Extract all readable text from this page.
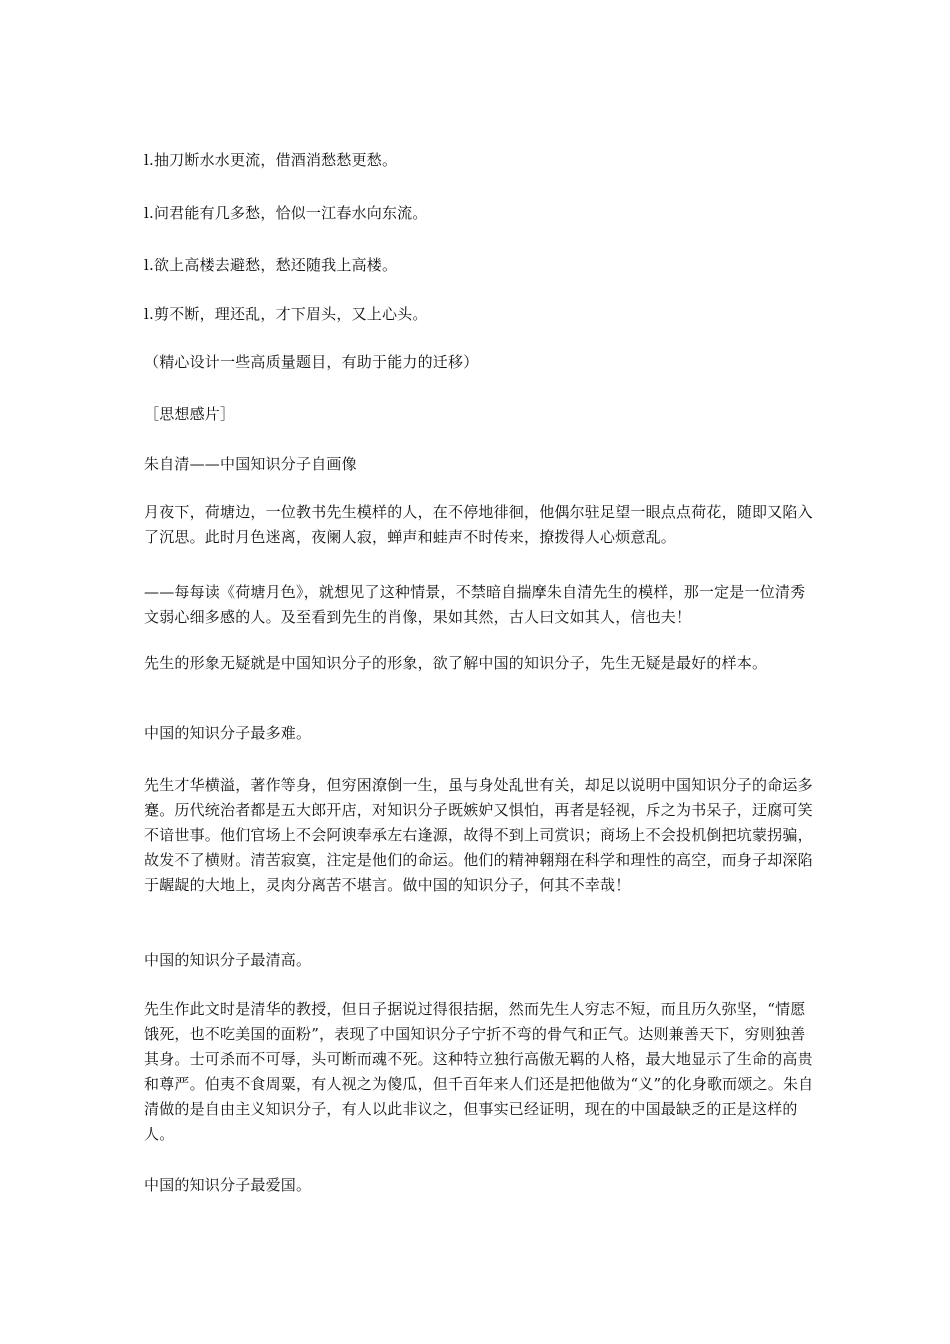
l.抽刀断水水更流，借酒消愁愁更愁。

l.问君能有几多愁，恰似一江春水向东流。

l.欲上高楼去避愁，愁还随我上高楼。

l.剪不断，理还乱，才下眉头，又上心头。

（精心设计一些高质量题目，有助于能力的迁移）

［思想感片］

朱自清——中国知识分子自画像

月夜下，荷塘边，一位教书先生模样的人，在不停地徘徊，他偶尔驻足望一眼点点荷花，随即又陷入了沉思。此时月色迷离，夜阑人寂，蝉声和蛙声不时传来，撩拨得人心烦意乱。

——每每读《荷塘月色》，就想见了这种情景，不禁暗自揣摩朱自清先生的模样，那一定是一位清秀文弱心细多感的人。及至看到先生的肖像，果如其然，古人曰文如其人，信也夫！

先生的形象无疑就是中国知识分子的形象，欲了解中国的知识分子，先生无疑是最好的样本。

中国的知识分子最多难。

先生才华横溢，著作等身，但穷困潦倒一生，虽与身处乱世有关，却足以说明中国知识分子的命运多蹇。历代统治者都是五大郎开店，对知识分子既嫉妒又惧怕，再者是轻视，斥之为书呆子，迂腐可笑不谙世事。他们官场上不会阿谀奉承左右逢源，故得不到上司赏识；商场上不会投机倒把坑蒙拐骗，故发不了横财。清苦寂寞，注定是他们的命运。他们的精神翱翔在科学和理性的高空，而身子却深陷于龌龊的大地上，灵肉分离苦不堪言。做中国的知识分子，何其不幸哉！

中国的知识分子最清高。

先生作此文时是清华的教授，但日子据说过得很拮据，然而先生人穷志不短，而且历久弥坚，“情愿饿死，也不吃美国的面粉”，表现了中国知识分子宁折不弯的骨气和正气。达则兼善天下，穷则独善其身。士可杀而不可辱，头可断而魂不死。这种特立独行高傲无羁的人格，最大地显示了生命的高贵和尊严。伯夷不食周粟，有人视之为傻瓜，但千百年来人们还是把他做为“义”的化身歌而颂之。朱自清做的是自由主义知识分子，有人以此非议之，但事实已经证明，现在的中国最缺乏的正是这样的人。

中国的知识分子最爱国。
